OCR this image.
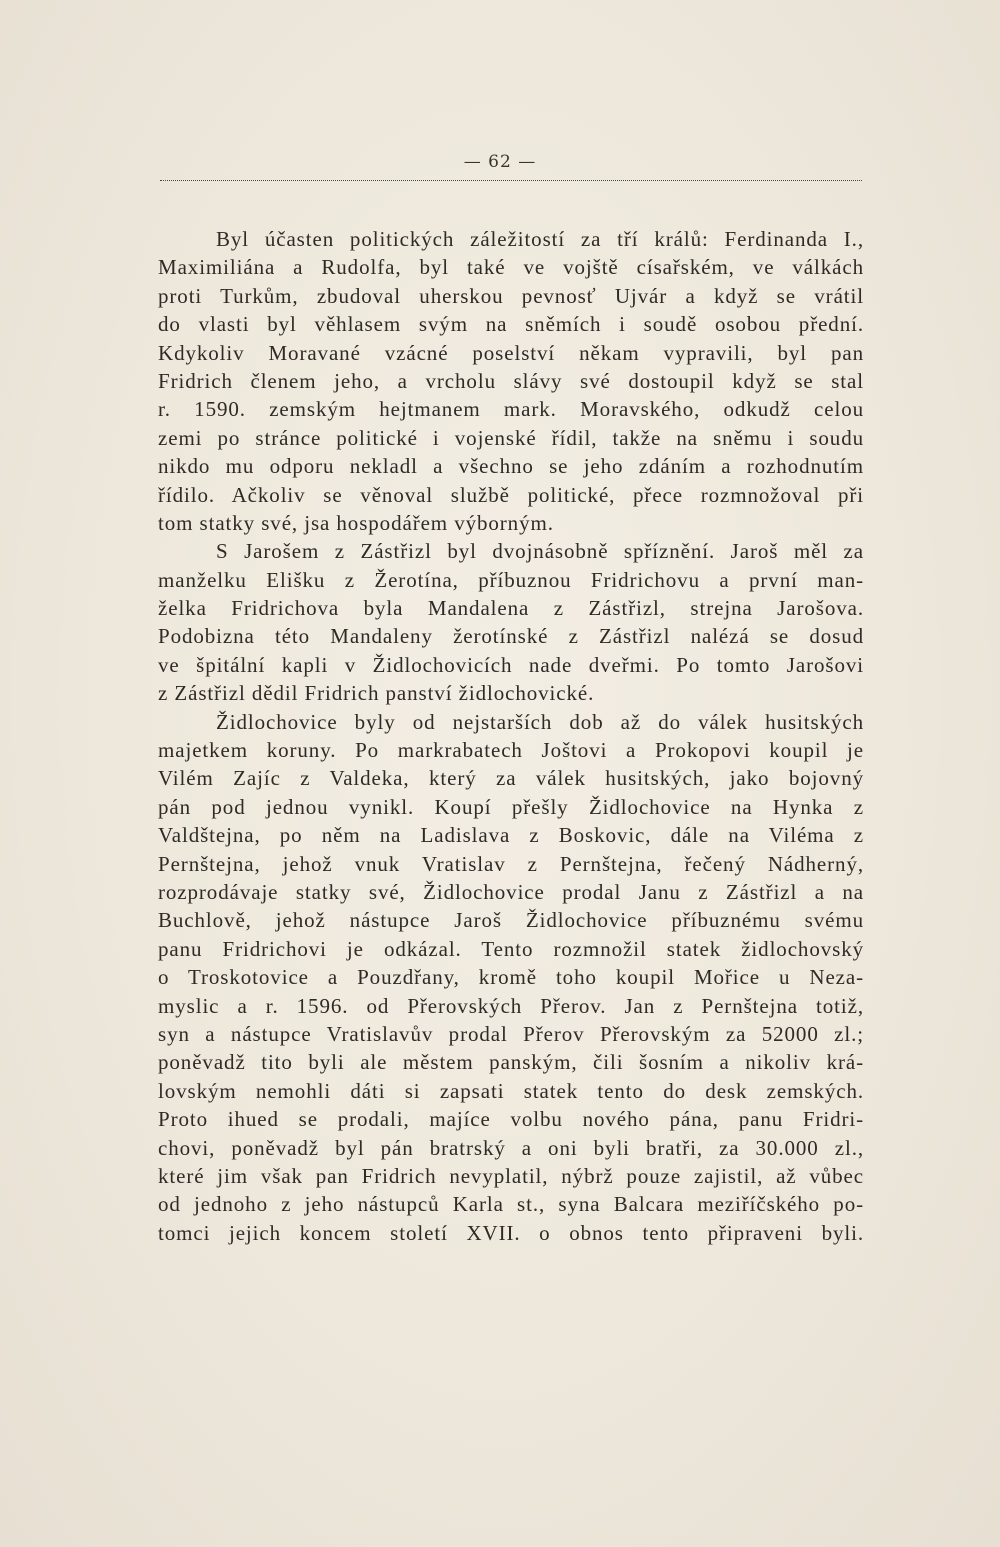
— 62 —
Byl účasten politických záležitostí za tří králů: Ferdinanda I.,
Maximiliána a Rudolfa, byl také ve vojště císařském, ve válkách
proti Turkům, zbudoval uherskou pevnosť Ujvár a když se vrátil
do vlasti byl věhlasem svým na sněmích i soudě osobou přední.
Kdykoliv Moravané vzácné poselství někam vypravili, byl pan
Fridrich členem jeho, a vrcholu slávy své dostoupil když se stal
r. 1590. zemským hejtmanem mark. Moravského, odkudž celou
zemi po stránce politické i vojenské řídil, takže na sněmu i soudu
nikdo mu odporu nekladl a všechno se jeho zdáním a rozhodnutím
řídilo. Ačkoliv se věnoval službě politické, přece rozmnožoval při
tom statky své, jsa hospodářem výborným.
S Jarošem z Zástřizl byl dvojnásobně spříznění. Jaroš měl za
manželku Elišku z Žerotína, příbuznou Fridrichovu a první man-
želka Fridrichova byla Mandalena z Zástřizl, strejna Jarošova.
Podobizna této Mandaleny žerotínské z Zástřizl nalézá se dosud
ve špitální kapli v Židlochovicích nade dveřmi. Po tomto Jarošovi
z Zástřizl dědil Fridrich panství židlochovické.
Židlochovice byly od nejstarších dob až do válek husitských
majetkem koruny. Po markrabatech Joštovi a Prokopovi koupil je
Vilém Zajíc z Valdeka, který za válek husitských, jako bojovný
pán pod jednou vynikl. Koupí přešly Židlochovice na Hynka z
Valdštejna, po něm na Ladislava z Boskovic, dále na Viléma z
Pernštejna, jehož vnuk Vratislav z Pernštejna, řečený Nádherný,
rozprodávaje statky své, Židlochovice prodal Janu z Zástřizl a na
Buchlově, jehož nástupce Jaroš Židlochovice příbuznému svému
panu Fridrichovi je odkázal. Tento rozmnožil statek židlochovský
o Troskotovice a Pouzdřany, kromě toho koupil Mořice u Neza-
myslic a r. 1596. od Přerovských Přerov. Jan z Pernštejna totiž,
syn a nástupce Vratislavův prodal Přerov Přerovským za 52000 zl.;
poněvadž tito byli ale městem panským, čili šosním a nikoliv krá-
lovským nemohli dáti si zapsati statek tento do desk zemských.
Proto ihued se prodali, majíce volbu nového pána, panu Fridri-
chovi, poněvadž byl pán bratrský a oni byli bratři, za 30.000 zl.,
které jim však pan Fridrich nevyplatil, nýbrž pouze zajistil, až vůbec
od jednoho z jeho nástupců Karla st., syna Balcara meziříčského po-
tomci jejich koncem století XVII. o obnos tento připraveni byli.
